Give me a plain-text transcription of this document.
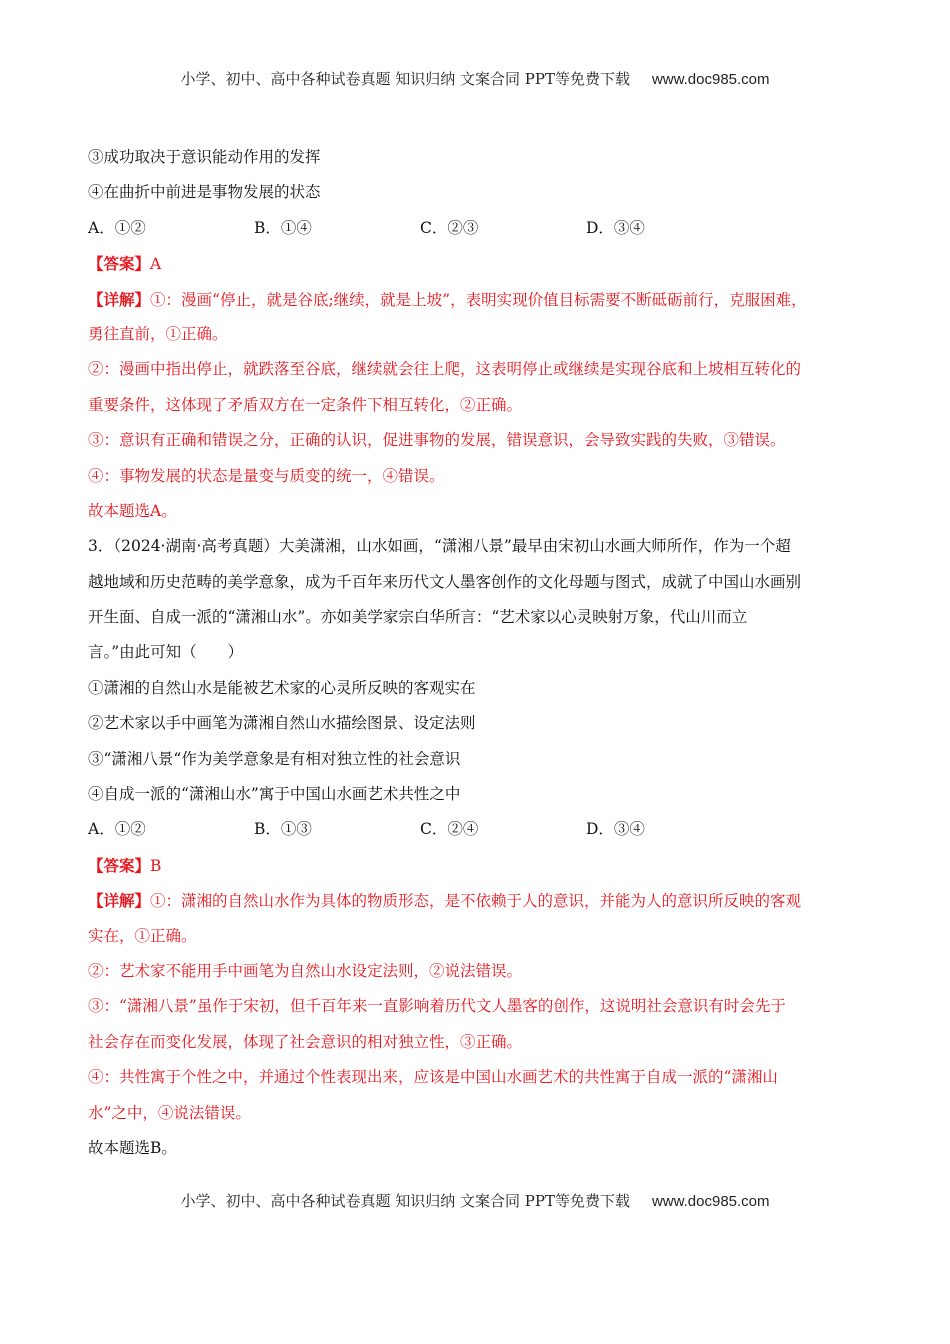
小学、初中、高中各种试卷真题 知识归纳 文案合同 PPT等免费下载 www.doc985.com
③成功取决于意识能动作用的发挥
④在曲折中前进是事物发展的状态
A．①②	B．①④	C．②③	D．③④
【答案】A
【详解】①：漫画“停止，就是谷底;继续，就是上坡”，表明实现价值目标需要不断砥砺前行，克服困难，
勇往直前，①正确。
②：漫画中指出停止，就跌落至谷底，继续就会往上爬，这表明停止或继续是实现谷底和上坡相互转化的
重要条件，这体现了矛盾双方在一定条件下相互转化，②正确。
③：意识有正确和错误之分，正确的认识，促进事物的发展，错误意识，会导致实践的失败，③错误。
④：事物发展的状态是量变与质变的统一，④错误。
故本题选A。
3．（2024·湖南·高考真题）大美潇湘，山水如画，“潇湘八景”最早由宋初山水画大师所作，作为一个超
越地域和历史范畴的美学意象，成为千百年来历代文人墨客创作的文化母题与图式，成就了中国山水画别
开生面、自成一派的“潇湘山水”。亦如美学家宗白华所言：“艺术家以心灵映射万象，代山川而立
言。”由此可知（　　）
①潇湘的自然山水是能被艺术家的心灵所反映的客观实在
②艺术家以手中画笔为潇湘自然山水描绘图景、设定法则
③“潇湘八景“作为美学意象是有相对独立性的社会意识
④自成一派的“潇湘山水”寓于中国山水画艺术共性之中
A．①②	B．①③	C．②④	D．③④
【答案】B
【详解】①：潇湘的自然山水作为具体的物质形态，是不依赖于人的意识，并能为人的意识所反映的客观
实在，①正确。
②：艺术家不能用手中画笔为自然山水设定法则，②说法错误。
③：“潇湘八景”虽作于宋初，但千百年来一直影响着历代文人墨客的创作，这说明社会意识有时会先于
社会存在而变化发展，体现了社会意识的相对独立性，③正确。
④：共性寓于个性之中，并通过个性表现出来，应该是中国山水画艺术的共性寓于自成一派的“潇湘山
水”之中，④说法错误。
故本题选B。
小学、初中、高中各种试卷真题 知识归纳 文案合同 PPT等免费下载 www.doc985.com
